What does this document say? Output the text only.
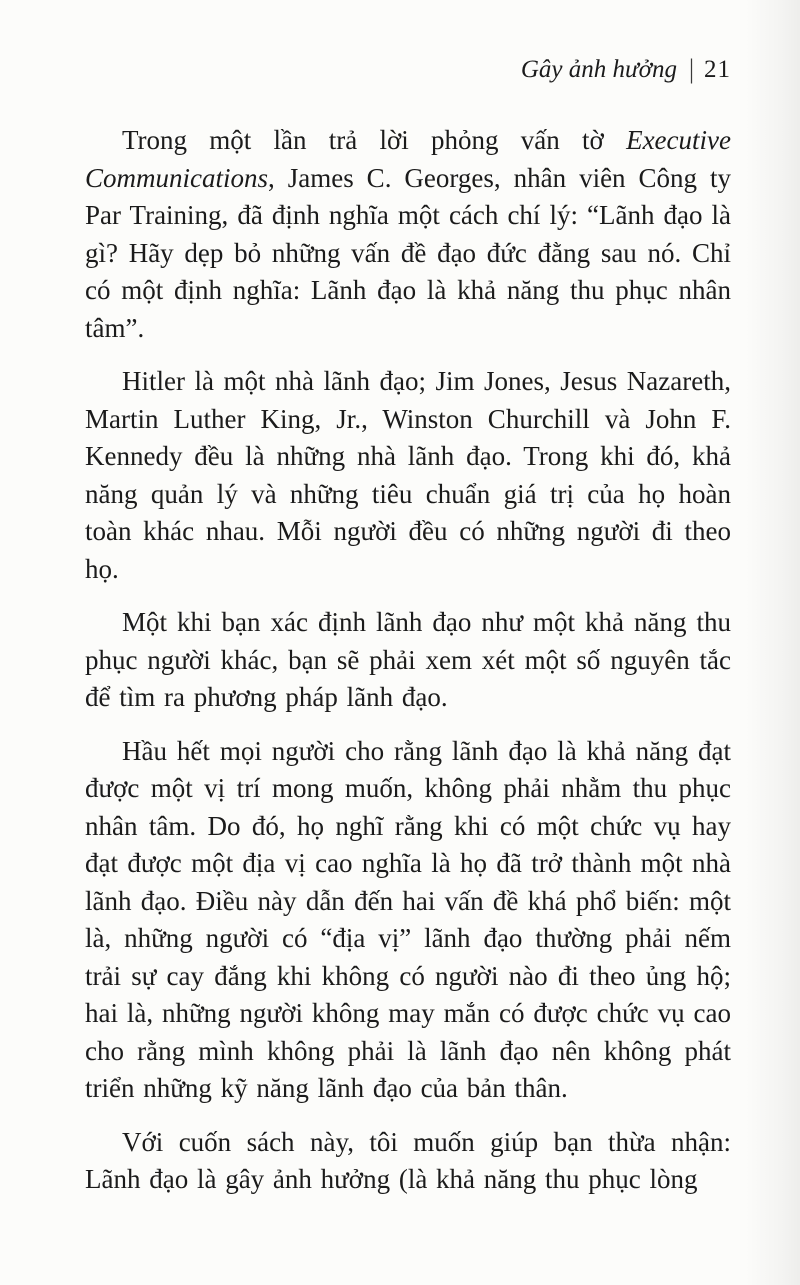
Gây ảnh hưởng | 21

Trong một lần trả lời phỏng vấn tờ Executive Communications, James C. Georges, nhân viên Công ty Par Training, đã định nghĩa một cách chí lý: “Lãnh đạo là gì? Hãy dẹp bỏ những vấn đề đạo đức đằng sau nó. Chỉ có một định nghĩa: Lãnh đạo là khả năng thu phục nhân tâm”.

Hitler là một nhà lãnh đạo; Jim Jones, Jesus Nazareth, Martin Luther King, Jr., Winston Churchill và John F. Kennedy đều là những nhà lãnh đạo. Trong khi đó, khả năng quản lý và những tiêu chuẩn giá trị của họ hoàn toàn khác nhau. Mỗi người đều có những người đi theo họ.

Một khi bạn xác định lãnh đạo như một khả năng thu phục người khác, bạn sẽ phải xem xét một số nguyên tắc để tìm ra phương pháp lãnh đạo.

Hầu hết mọi người cho rằng lãnh đạo là khả năng đạt được một vị trí mong muốn, không phải nhằm thu phục nhân tâm. Do đó, họ nghĩ rằng khi có một chức vụ hay đạt được một địa vị cao nghĩa là họ đã trở thành một nhà lãnh đạo. Điều này dẫn đến hai vấn đề khá phổ biến: một là, những người có “địa vị” lãnh đạo thường phải nếm trải sự cay đắng khi không có người nào đi theo ủng hộ; hai là, những người không may mắn có được chức vụ cao cho rằng mình không phải là lãnh đạo nên không phát triển những kỹ năng lãnh đạo của bản thân.

Với cuốn sách này, tôi muốn giúp bạn thừa nhận: Lãnh đạo là gây ảnh hưởng (là khả năng thu phục lòng
